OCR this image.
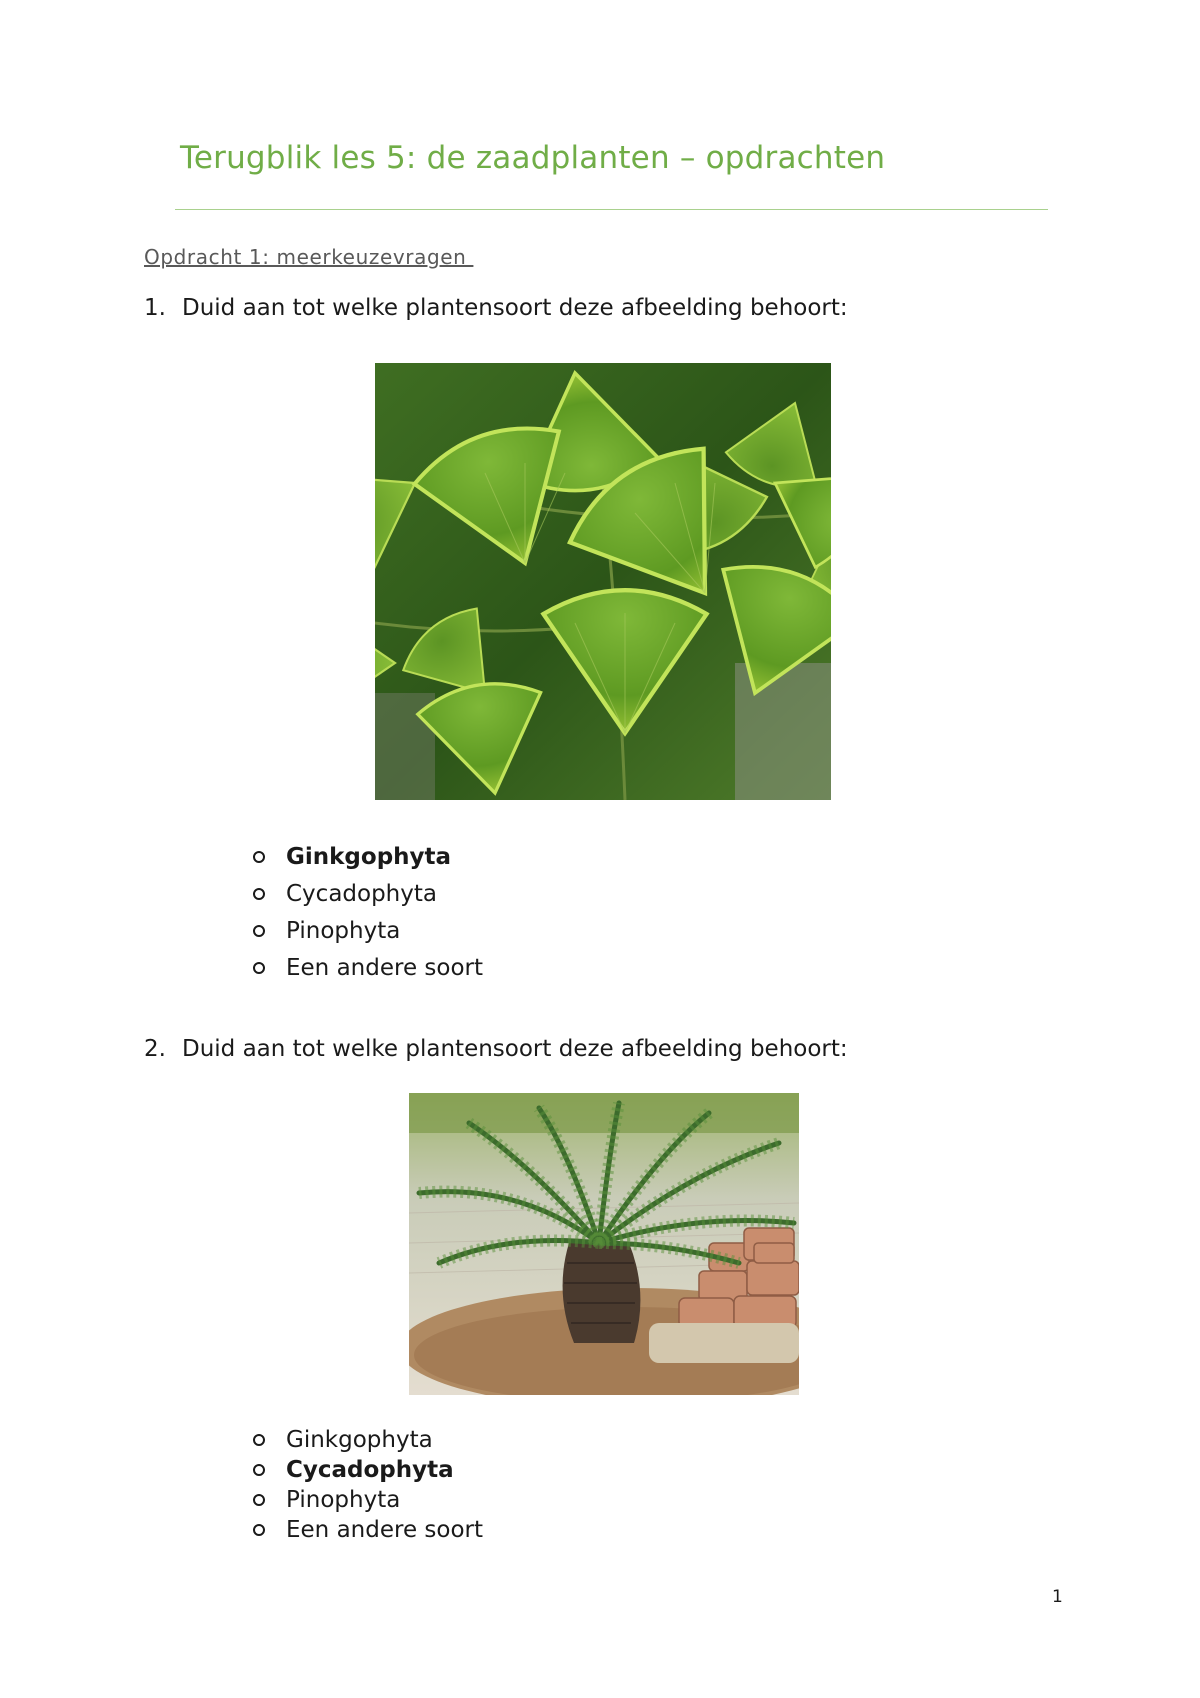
Terugblik les 5: de zaadplanten – opdrachten
Opdracht 1: meerkeuzevragen
1. Duid aan tot welke plantensoort deze afbeelding behoort:
Ginkgophyta
Cycadophyta
Pinophyta
Een andere soort
2. Duid aan tot welke plantensoort deze afbeelding behoort:
Ginkgophyta
Cycadophyta
Pinophyta
Een andere soort
1
